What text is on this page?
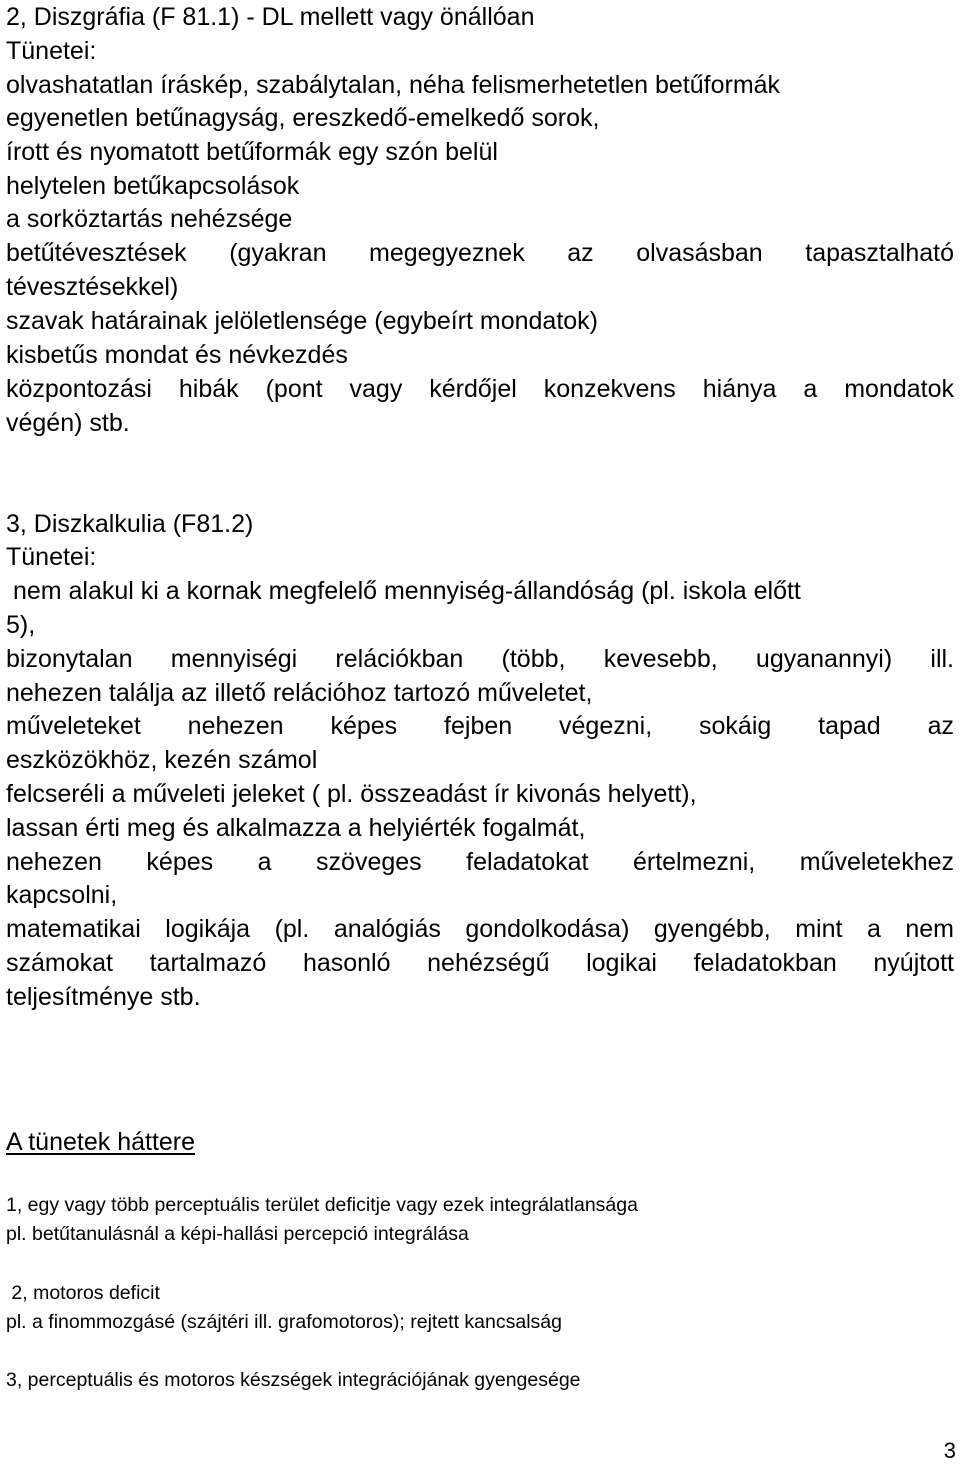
2, Diszgráfia (F 81.1) - DL mellett vagy önállóan

Tünetei:

olvashatatlan íráskép, szabálytalan, néha felismerhetetlen betűformák

egyenetlen betűnagyság, ereszkedő-emelkedő sorok,

írott és nyomatott betűformák egy szón belül

helytelen betűkapcsolások

a sorköztartás nehézsége

betűtévesztések (gyakran megegyeznek az olvasásban tapasztalható

tévesztésekkel)

szavak határainak jelöletlensége (egybeírt mondatok)

kisbetűs mondat és névkezdés

központozási hibák (pont vagy kérdőjel konzekvens hiánya a mondatok

végén) stb.

3, Diszkalkulia (F81.2)

Tünetei:

nem alakul ki a kornak megfelelő mennyiség-állandóság (pl. iskola előtt

5),

bizonytalan mennyiségi relációkban (több, kevesebb, ugyanannyi) ill.

nehezen találja az illető relációhoz tartozó műveletet,

műveleteket nehezen képes fejben végezni, sokáig tapad az

eszközökhöz, kezén számol

felcseréli a műveleti jeleket ( pl. összeadást ír kivonás helyett),

lassan érti meg és alkalmazza a helyiérték fogalmát,

nehezen képes a szöveges feladatokat értelmezni, műveletekhez

kapcsolni,

matematikai logikája (pl. analógiás gondolkodása) gyengébb, mint a nem

számokat tartalmazó hasonló nehézségű logikai feladatokban nyújtott

teljesítménye stb.

A tünetek háttere

1, egy vagy több perceptuális terület deficitje vagy ezek integrálatlansága

pl. betűtanulásnál a képi-hallási percepció integrálása

2, motoros deficit

pl. a finommozgásé (szájtéri ill. grafomotoros); rejtett kancsalság

3, perceptuális és motoros készségek integrációjának gyengesége

3
